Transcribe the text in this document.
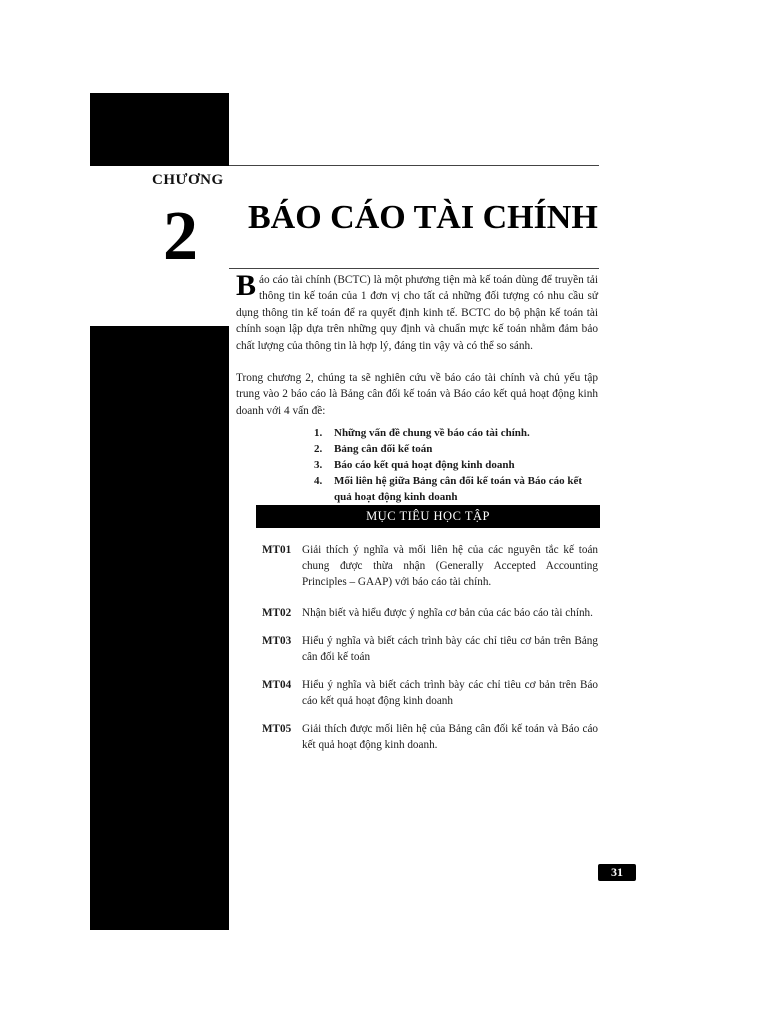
CHƯƠNG
2 BÁO CÁO TÀI CHÍNH

Báo cáo tài chính (BCTC) là một phương tiện mà kế toán dùng để truyền tải thông tin kế toán của 1 đơn vị cho tất cả những đối tượng có nhu cầu sử dụng thông tin kế toán để ra quyết định kinh tế. BCTC do bộ phận kế toán tài chính soạn lập dựa trên những quy định và chuẩn mực kế toán nhằm đảm bảo chất lượng của thông tin là hợp lý, đáng tin vậy và có thể so sánh.

Trong chương 2, chúng ta sẽ nghiên cứu về báo cáo tài chính và chủ yếu tập trung vào 2 báo cáo là Bảng cân đối kế toán và Báo cáo kết quả hoạt động kinh doanh với 4 vấn đề:

1. Những vấn đề chung về báo cáo tài chính.
2. Bảng cân đối kế toán
3. Báo cáo kết quả hoạt động kinh doanh
4. Mối liên hệ giữa Bảng cân đối kế toán và Báo cáo kết quả hoạt động kinh doanh
MỤC TIÊU HỌC TẬP
MT01 Giải thích ý nghĩa và mối liên hệ của các nguyên tắc kế toán chung được thừa nhận (Generally Accepted Accounting Principles – GAAP) với báo cáo tài chính.
MT02 Nhận biết và hiểu được ý nghĩa cơ bản của các báo cáo tài chính.
MT03 Hiểu ý nghĩa và biết cách trình bày các chỉ tiêu cơ bản trên Bảng cân đối kế toán
MT04 Hiểu ý nghĩa và biết cách trình bày các chỉ tiêu cơ bản trên Báo cáo kết quả hoạt động kinh doanh
MT05 Giải thích được mối liên hệ của Bảng cân đối kế toán và Báo cáo kết quả hoạt động kinh doanh.
31
